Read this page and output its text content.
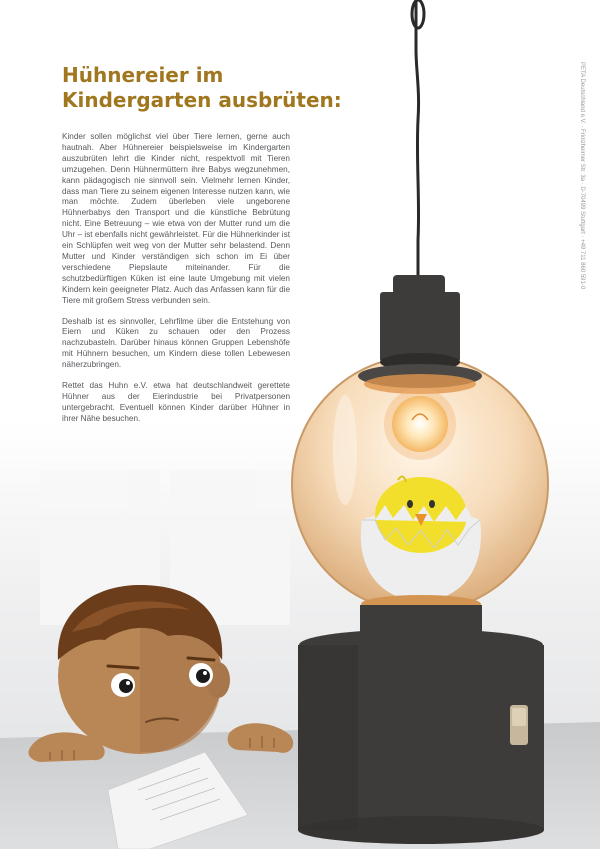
Hühnereier im
Kindergarten ausbrüten:

Kinder sollen möglichst viel über Tiere lernen, gerne auch hautnah. Aber Hühnereier beispielsweise im Kindergarten auszubrüten lehrt die Kinder nicht, respektvoll mit Tieren umzugehen. Denn Hühnermüttern ihre Babys wegzunehmen, kann pädagogisch nie sinnvoll sein. Vielmehr lernen Kinder, dass man Tiere zu seinem eigenen Interesse nutzen kann, wie man möchte. Zudem überleben viele ungeborene Hühnerbabys den Transport und die künstliche Bebrütung nicht. Eine Betreuung – wie etwa von der Mutter rund um die Uhr – ist ebenfalls nicht gewährleistet. Für die Hühnerkinder ist ein Schlüpfen weit weg von der Mutter sehr belastend. Denn Mutter und Kinder verständigen sich schon im Ei über verschiedene Piepslaute miteinander. Für die schutzbedürftigen Küken ist eine laute Umgebung mit vielen Kindern kein geeigneter Platz. Auch das Anfassen kann für die Tiere mit großem Stress verbunden sein.

Deshalb ist es sinnvoller, Lehrfilme über die Entstehung von Eiern und Küken zu schauen oder den Prozess nachzubasteln. Darüber hinaus können Gruppen Lebenshöfe mit Hühnern besuchen, um Kindern diese tollen Lebewesen näherzubringen.

Rettet das Huhn e.V. etwa hat deutschlandweit gerettete Hühner aus der Eierindustrie bei Privatpersonen untergebracht. Eventuell können Kinder darüber Hühner in ihrer Nähe besuchen.

PETA Deutschland e.V. · Friolzheimer Str. 3a · D-70499 Stuttgart · +49 711 860 591-0
